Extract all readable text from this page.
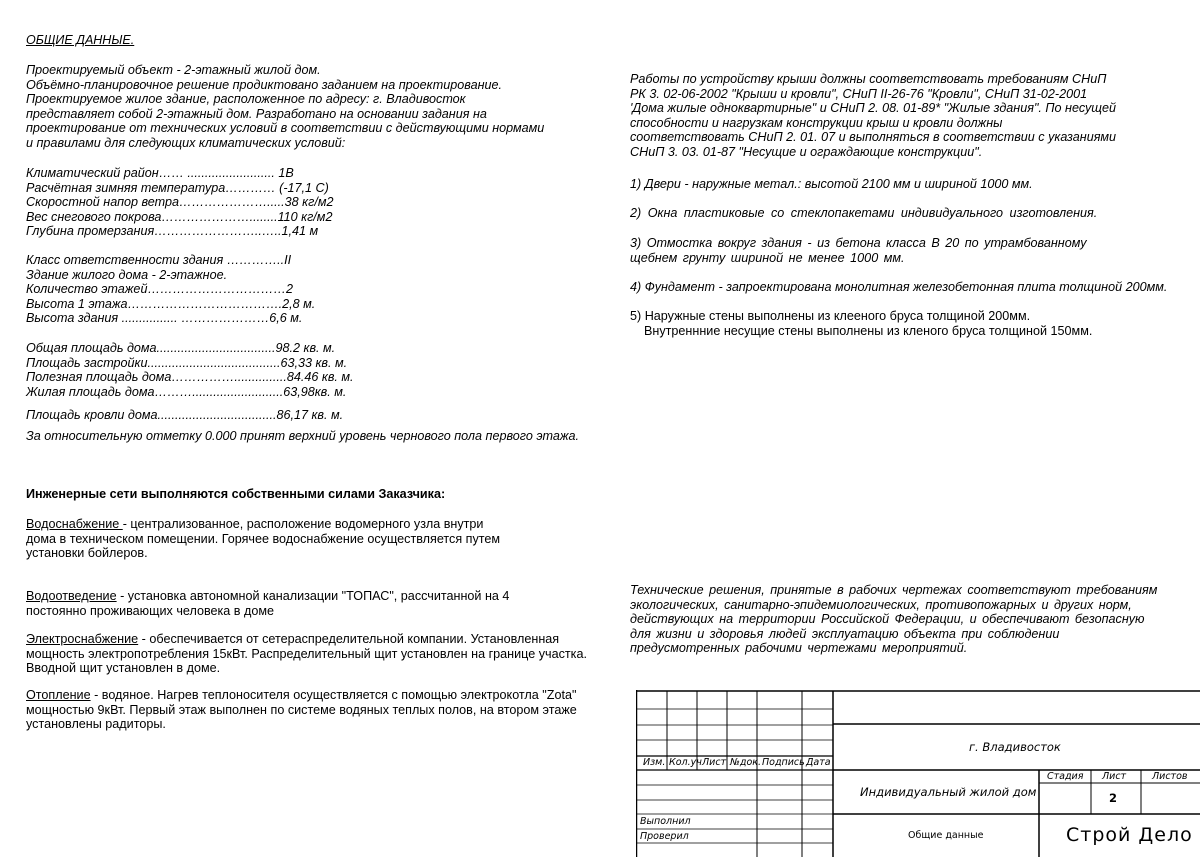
ОБЩИЕ ДАННЫЕ.
Проектируемый объект - 2-этажный жилой дом.
Объёмно-планировочное решение продиктовано заданием на проектирование.
Проектируемое жилое здание, расположенное по адресу: г. Владивосток
представляет собой 2-этажный дом. Разработано на основании задания на
проектирование от технических условий в соответствии с действующими нормами
и правилами для следующих климатических условий:
Климатический район…… ......................... 1В
Расчётная зимняя температура………… (-17,1 С)
Скоростной напор ветра………………….....38 кг/м2
Вес снегового покрова…………………........110 кг/м2
Глубина промерзания……………………..…..1,41 м
Класс ответственности здания …………..II
Здание жилого дома - 2-этажное.
Количество этажей……………………………2
Высота 1 этажа……………………………….2,8 м.
Высота здания ................ …………………6,6 м.
Общая площадь дома..................................98.2 кв. м.
Площадь застройки......................................63,33 кв. м.
Полезная площадь дома……………...............84.46 кв. м.
Жилая площадь дома………..........................63,98кв. м.
Площадь кровли дома..................................86,17 кв. м.
За относительную отметку 0.000 принят верхний уровень чернового пола первого этажа.
Инженерные сети выполняются собственными силами Заказчика:
Водоснабжение - централизованное, расположение водомерного узла внутри
дома в техническом помещении. Горячее водоснабжение осуществляется путем
установки бойлеров.
Водоотведение - установка автономной канализации "ТОПАС", рассчитанной на 4
постоянно проживающих человека в доме
Электроснабжение - обеспечивается от сетераспределительной компании. Установленная
мощность электропотребления 15кВт. Распределительный щит установлен на границе участка.
Вводной щит установлен в доме.
Отопление - водяное. Нагрев теплоносителя осуществляется с помощью электрокотла "Zota"
мощностью 9кВт. Первый этаж выполнен по системе водяных теплых полов, на втором этаже
установлены радиторы.
Работы по устройству крыши должны соответствовать требованиям СНиП
РК 3. 02-06-2002 "Крыши и кровли", СНиП II-26-76 "Кровли", СНиП 31-02-2001
'Дома жилые одноквартирные" и СНиП 2. 08. 01-89* "Жилые здания". По несущей
способности и нагрузкам конструкции крыш и кровли должны
соответствовать СНиП 2. 01. 07 и выполняться в соответствии с указаниями
СНиП 3. 03. 01-87 "Несущие и ограждающие конструкции".
1) Двери - наружные метал.: высотой 2100 мм и шириной 1000 мм.
2) Окна пластиковые со стеклопакетами индивидуального изготовления.
3) Отмостка вокруг здания - из бетона класса В 20 по утрамбованному
щебнем грунту шириной не менее 1000 мм.
4) Фундамент - запроектирована монолитная железобетонная плита толщиной 200мм.
5) Наружные стены выполнены из клееного бруса толщиной 200мм.
Внутреннние несущие стены выполнены из кленого бруса толщиной 150мм.
Технические решения, принятые в рабочих чертежах соответствуют требованиям
экологических, санитарно-эпидемиологических, противопожарных и других норм,
действующих на территории Российской Федерации, и обеспечивают безопасную
для жизни и здоровья людей эксплуатацию объекта при соблюдении
предусмотренных рабочими чертежами мероприятий.
Изм. Кол.уч Лист №док. Подпись Дата
Выполнил
Проверил
г. Владивосток
Индивидуальный жилой дом
Стадия Лист	Листов
2
Общие данные	Строй Дело
